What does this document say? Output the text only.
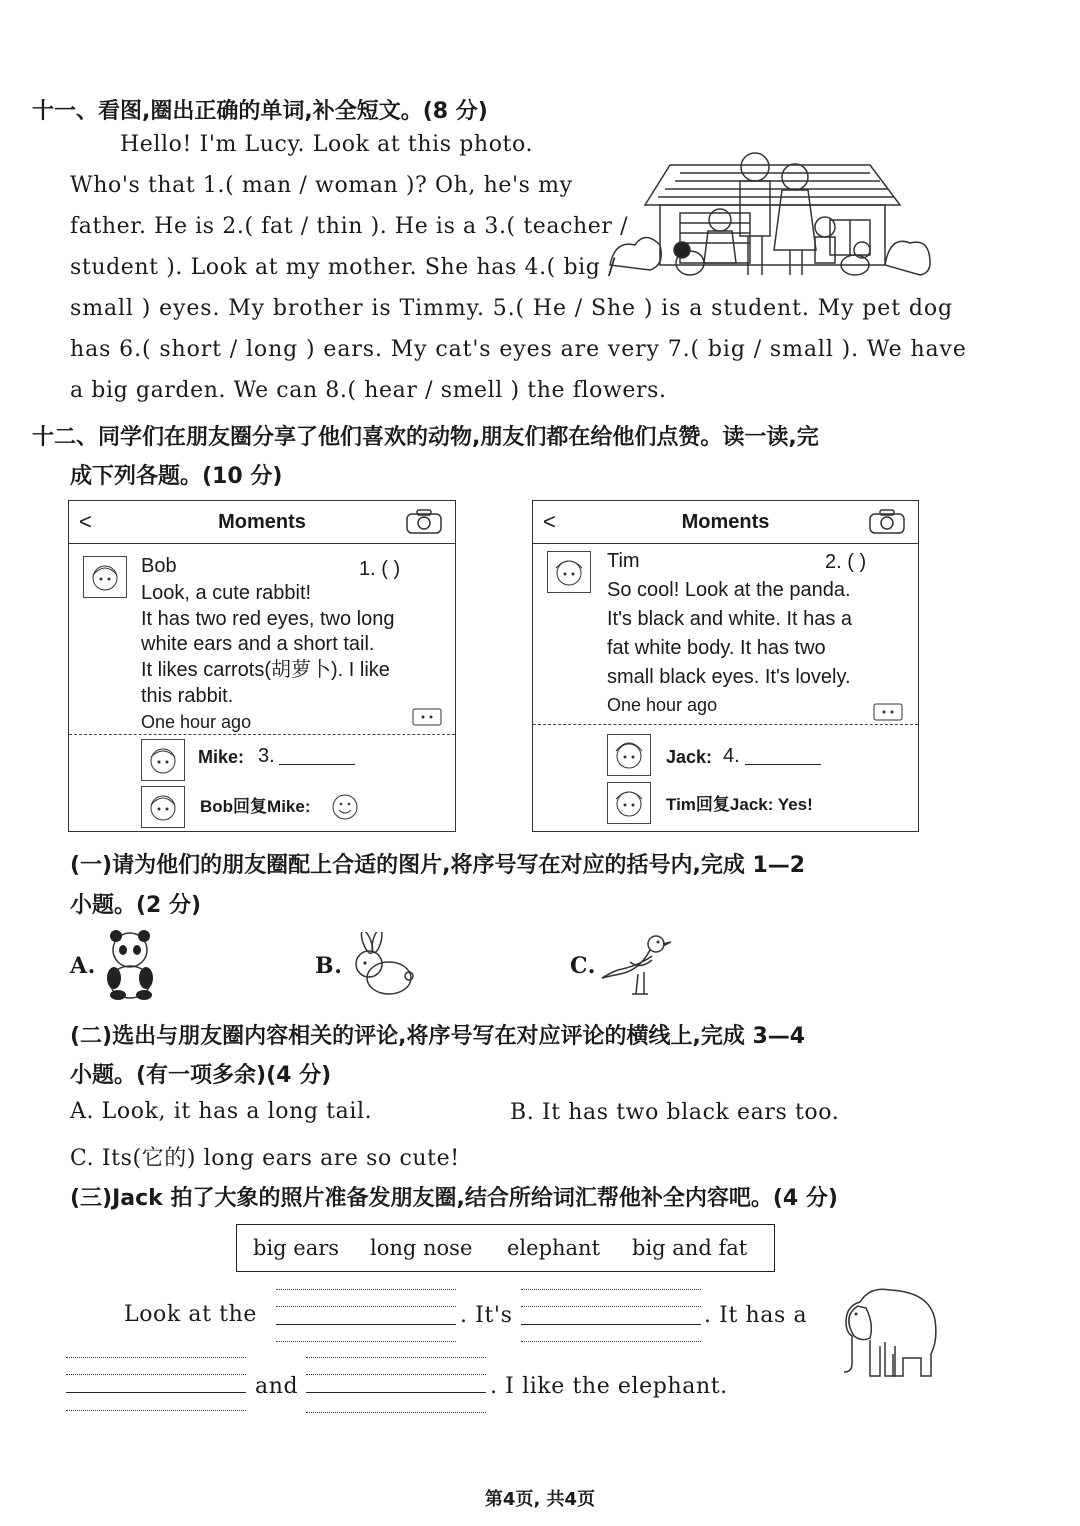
十一、看图,圈出正确的单词,补全短文。(8 分)
Hello! I'm Lucy. Look at this photo.
Who's that 1.( man / woman )? Oh, he's my
father. He is 2.( fat / thin ). He is a 3.( teacher /
student ). Look at my mother. She has 4.( big /
small ) eyes. My brother is Timmy. 5.( He / She ) is a student. My pet dog
has 6.( short / long ) ears. My cat's eyes are very 7.( big / small ). We have
a big garden. We can 8.( hear / smell ) the flowers.
十二、同学们在朋友圈分享了他们喜欢的动物,朋友们都在给他们点赞。读一读,完
成下列各题。(10 分)
<	Moments
Bob	1. ( )
Look, a cute rabbit!
It has two red eyes, two long
white ears and a short tail.
It likes carrots(胡萝卜). I like
this rabbit.
One hour ago
Mike: 3.
Bob回复Mike:
<	Moments
Tim	2. ( )
So cool! Look at the panda.
It's black and white. It has a
fat white body. It has two
small black eyes. It's lovely.
One hour ago
Jack: 4.
Tim回复Jack: Yes!
(一)请为他们的朋友圈配上合适的图片,将序号写在对应的括号内,完成 1—2
小题。(2 分)
A.	B.	C.
(二)选出与朋友圈内容相关的评论,将序号写在对应评论的横线上,完成 3—4
小题。(有一项多余)(4 分)
A. Look, it has a long tail.	B. It has two black ears too.
C. Its(它的) long ears are so cute!
(三)Jack 拍了大象的照片准备发朋友圈,结合所给词汇帮他补全内容吧。(4 分)
big ears long nose elephant big and fat
Look at the	. It's	. It has a
and	. I like the elephant.
第4页, 共4页
